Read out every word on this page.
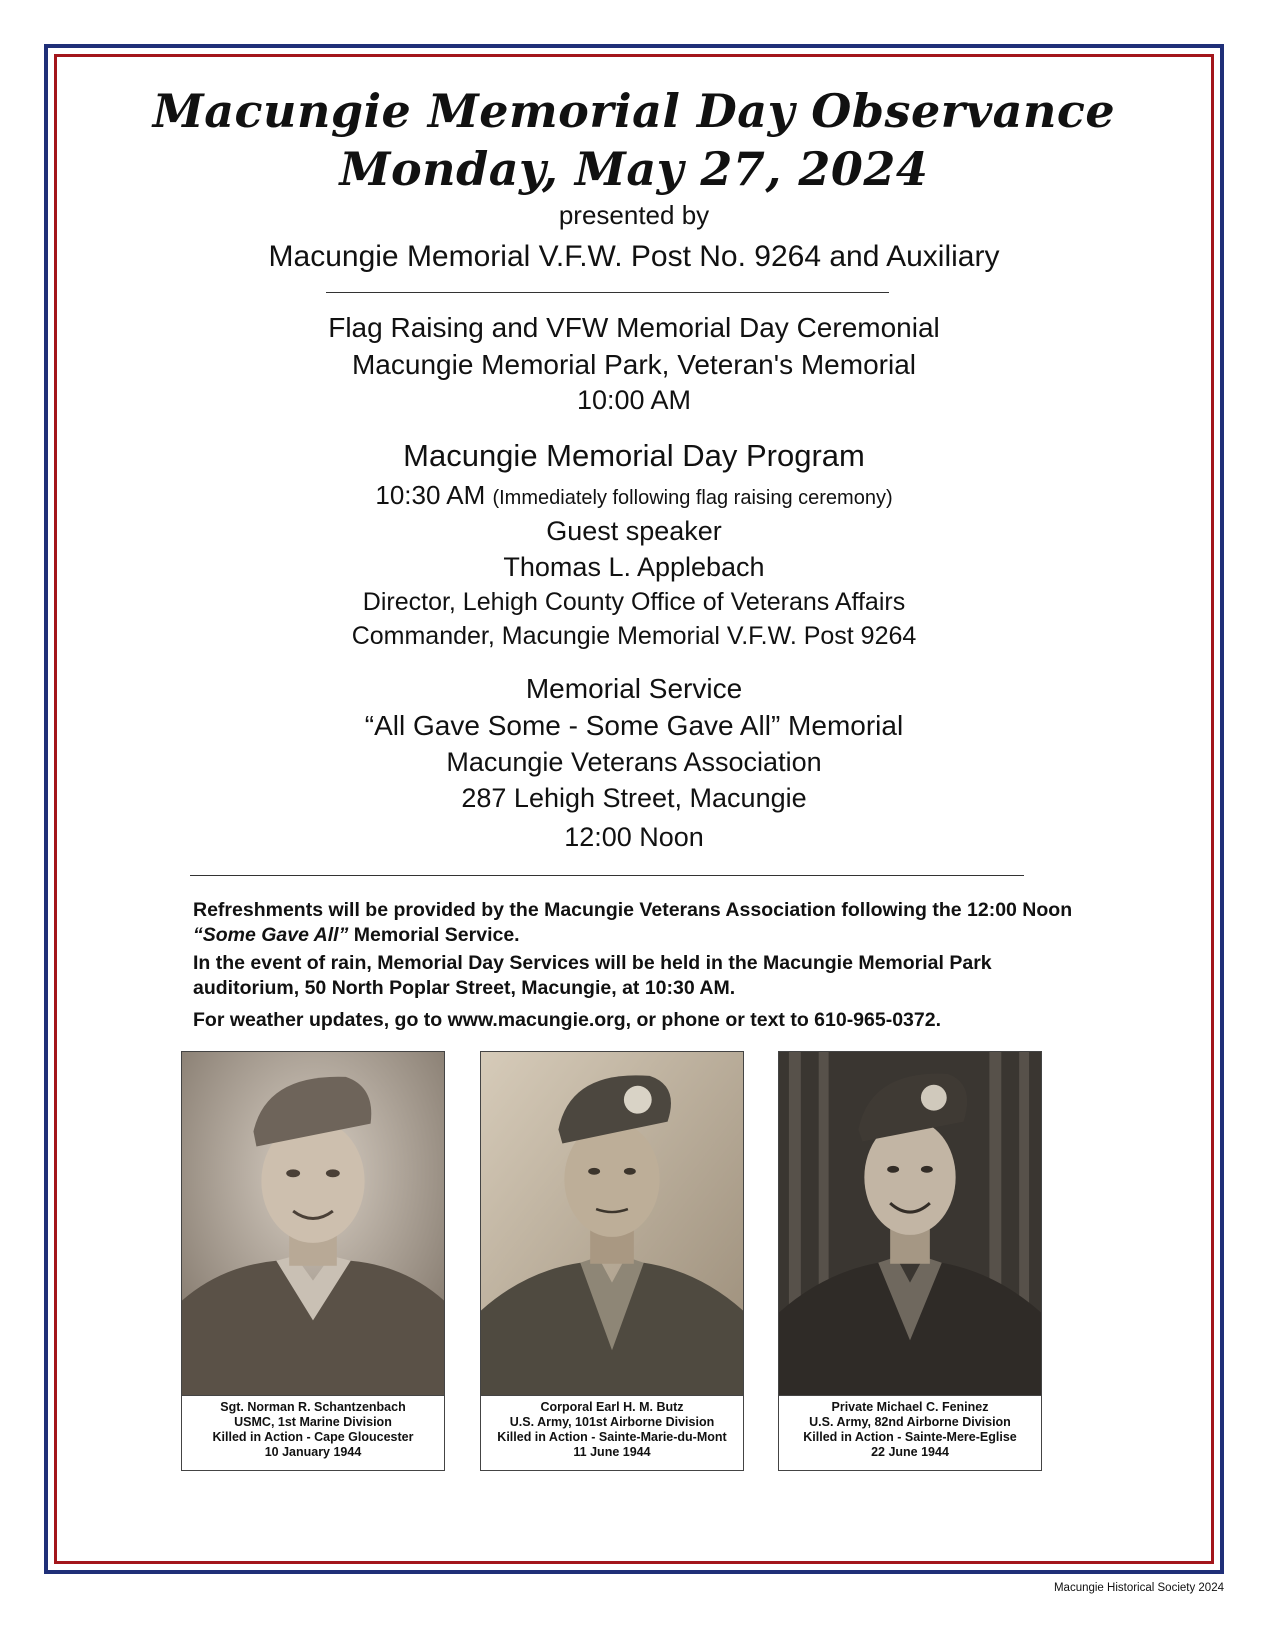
Macungie Memorial Day Observance
Monday, May 27, 2024
presented by
Macungie Memorial V.F.W. Post No. 9264 and Auxiliary
Flag Raising and VFW Memorial Day Ceremonial
Macungie Memorial Park, Veteran's Memorial
10:00 AM
Macungie Memorial Day Program
10:30 AM (Immediately following flag raising ceremony)
Guest speaker
Thomas L. Applebach
Director, Lehigh County Office of Veterans Affairs
Commander, Macungie Memorial V.F.W. Post 9264
Memorial Service
“All Gave Some - Some Gave All” Memorial
Macungie Veterans Association
287 Lehigh Street, Macungie
12:00 Noon

Refreshments will be provided by the Macungie Veterans Association following the 12:00 Noon “Some Gave All” Memorial Service.

In the event of rain, Memorial Day Services will be held in the Macungie Memorial Park auditorium, 50 North Poplar Street, Macungie, at 10:30 AM.

For weather updates, go to www.macungie.org, or phone or text to 610-965-0372.

Sgt. Norman R. Schantzenbach
USMC, 1st Marine Division
Killed in Action - Cape Gloucester
10 January 1944
Corporal Earl H. M. Butz
U.S. Army, 101st Airborne Division
Killed in Action - Sainte-Marie-du-Mont
11 June 1944
Private Michael C. Feninez
U.S. Army, 82nd Airborne Division
Killed in Action - Sainte-Mere-Eglise
22 June 1944
Macungie Historical Society 2024
